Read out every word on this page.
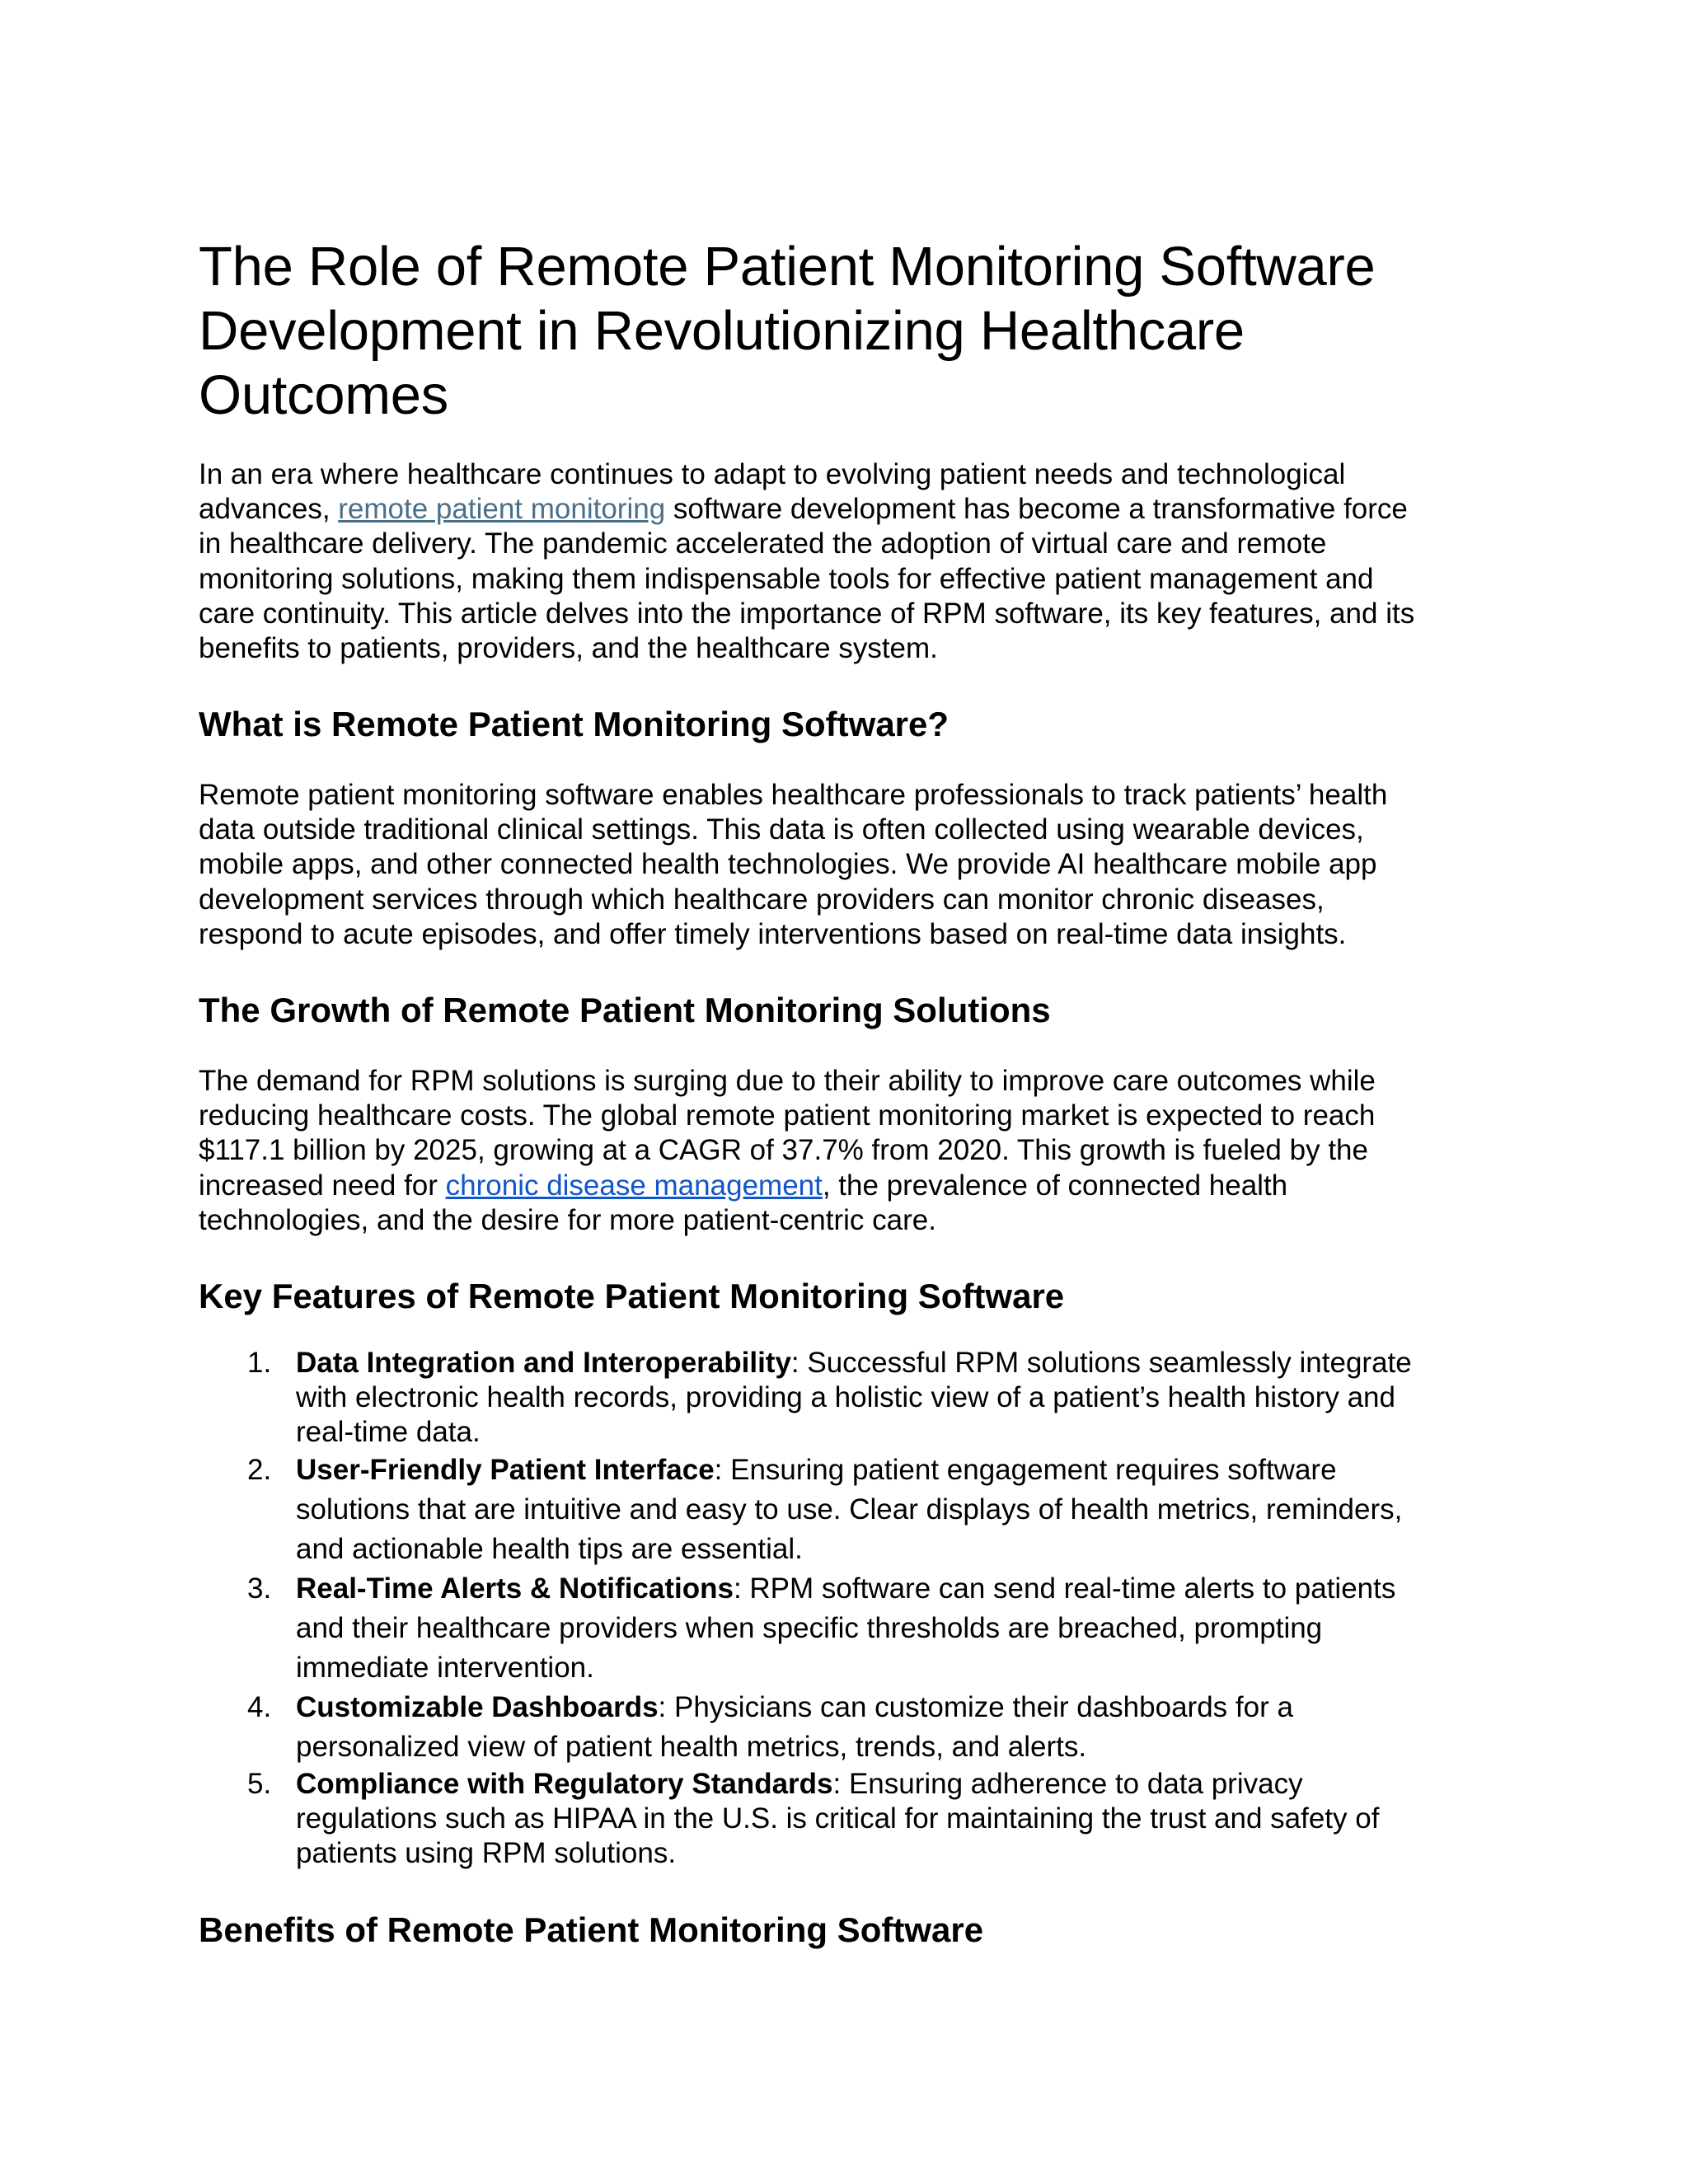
The Role of Remote Patient Monitoring Software
Development in Revolutionizing Healthcare
Outcomes

In an era where healthcare continues to adapt to evolving patient needs and technological
advances, remote patient monitoring software development has become a transformative force
in healthcare delivery. The pandemic accelerated the adoption of virtual care and remote
monitoring solutions, making them indispensable tools for effective patient management and
care continuity. This article delves into the importance of RPM software, its key features, and its
benefits to patients, providers, and the healthcare system.

What is Remote Patient Monitoring Software?

Remote patient monitoring software enables healthcare professionals to track patients’ health
data outside traditional clinical settings. This data is often collected using wearable devices,
mobile apps, and other connected health technologies. We provide AI healthcare mobile app
development services through which healthcare providers can monitor chronic diseases,
respond to acute episodes, and offer timely interventions based on real-time data insights.

The Growth of Remote Patient Monitoring Solutions

The demand for RPM solutions is surging due to their ability to improve care outcomes while
reducing healthcare costs. The global remote patient monitoring market is expected to reach
$117.1 billion by 2025, growing at a CAGR of 37.7% from 2020. This growth is fueled by the
increased need for chronic disease management, the prevalence of connected health
technologies, and the desire for more patient-centric care.

Key Features of Remote Patient Monitoring Software
1. Data Integration and Interoperability: Successful RPM solutions seamlessly integrate
with electronic health records, providing a holistic view of a patient’s health history and
real-time data.
2. User-Friendly Patient Interface: Ensuring patient engagement requires software
solutions that are intuitive and easy to use. Clear displays of health metrics, reminders,
and actionable health tips are essential.
3. Real-Time Alerts & Notifications: RPM software can send real-time alerts to patients
and their healthcare providers when specific thresholds are breached, prompting
immediate intervention.
4. Customizable Dashboards: Physicians can customize their dashboards for a
personalized view of patient health metrics, trends, and alerts.
5. Compliance with Regulatory Standards: Ensuring adherence to data privacy
regulations such as HIPAA in the U.S. is critical for maintaining the trust and safety of
patients using RPM solutions.
Benefits of Remote Patient Monitoring Software
